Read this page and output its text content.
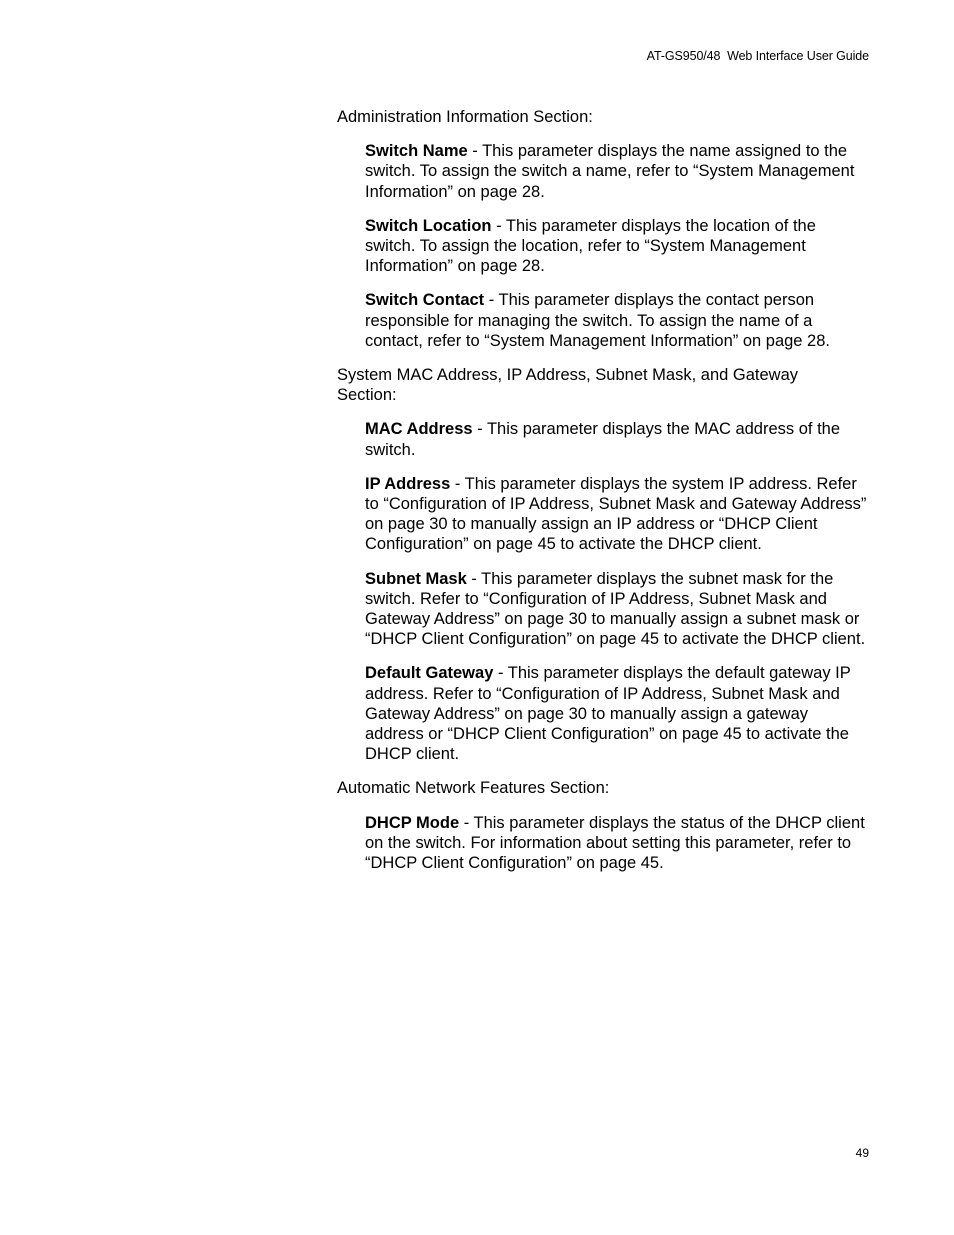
AT-GS950/48  Web Interface User Guide

Administration Information Section:

Switch Name - This parameter displays the name assigned to the switch. To assign the switch a name, refer to “System Management Information” on page 28.

Switch Location - This parameter displays the location of the switch. To assign the location, refer to “System Management Information” on page 28.

Switch Contact - This parameter displays the contact person responsible for managing the switch. To assign the name of a contact, refer to “System Management Information” on page 28.

System MAC Address, IP Address, Subnet Mask, and Gateway Section:

MAC Address - This parameter displays the MAC address of the switch.

IP Address - This parameter displays the system IP address. Refer to “Configuration of IP Address, Subnet Mask and Gateway Address” on page 30 to manually assign an IP address or “DHCP Client Configuration” on page 45 to activate the DHCP client.

Subnet Mask - This parameter displays the subnet mask for the switch. Refer to “Configuration of IP Address, Subnet Mask and Gateway Address” on page 30 to manually assign a subnet mask or “DHCP Client Configuration” on page 45 to activate the DHCP client.

Default Gateway - This parameter displays the default gateway IP address. Refer to “Configuration of IP Address, Subnet Mask and Gateway Address” on page 30 to manually assign a gateway address or “DHCP Client Configuration” on page 45 to activate the DHCP client.

Automatic Network Features Section:

DHCP Mode - This parameter displays the status of the DHCP client on the switch. For information about setting this parameter, refer to “DHCP Client Configuration” on page 45.

49
